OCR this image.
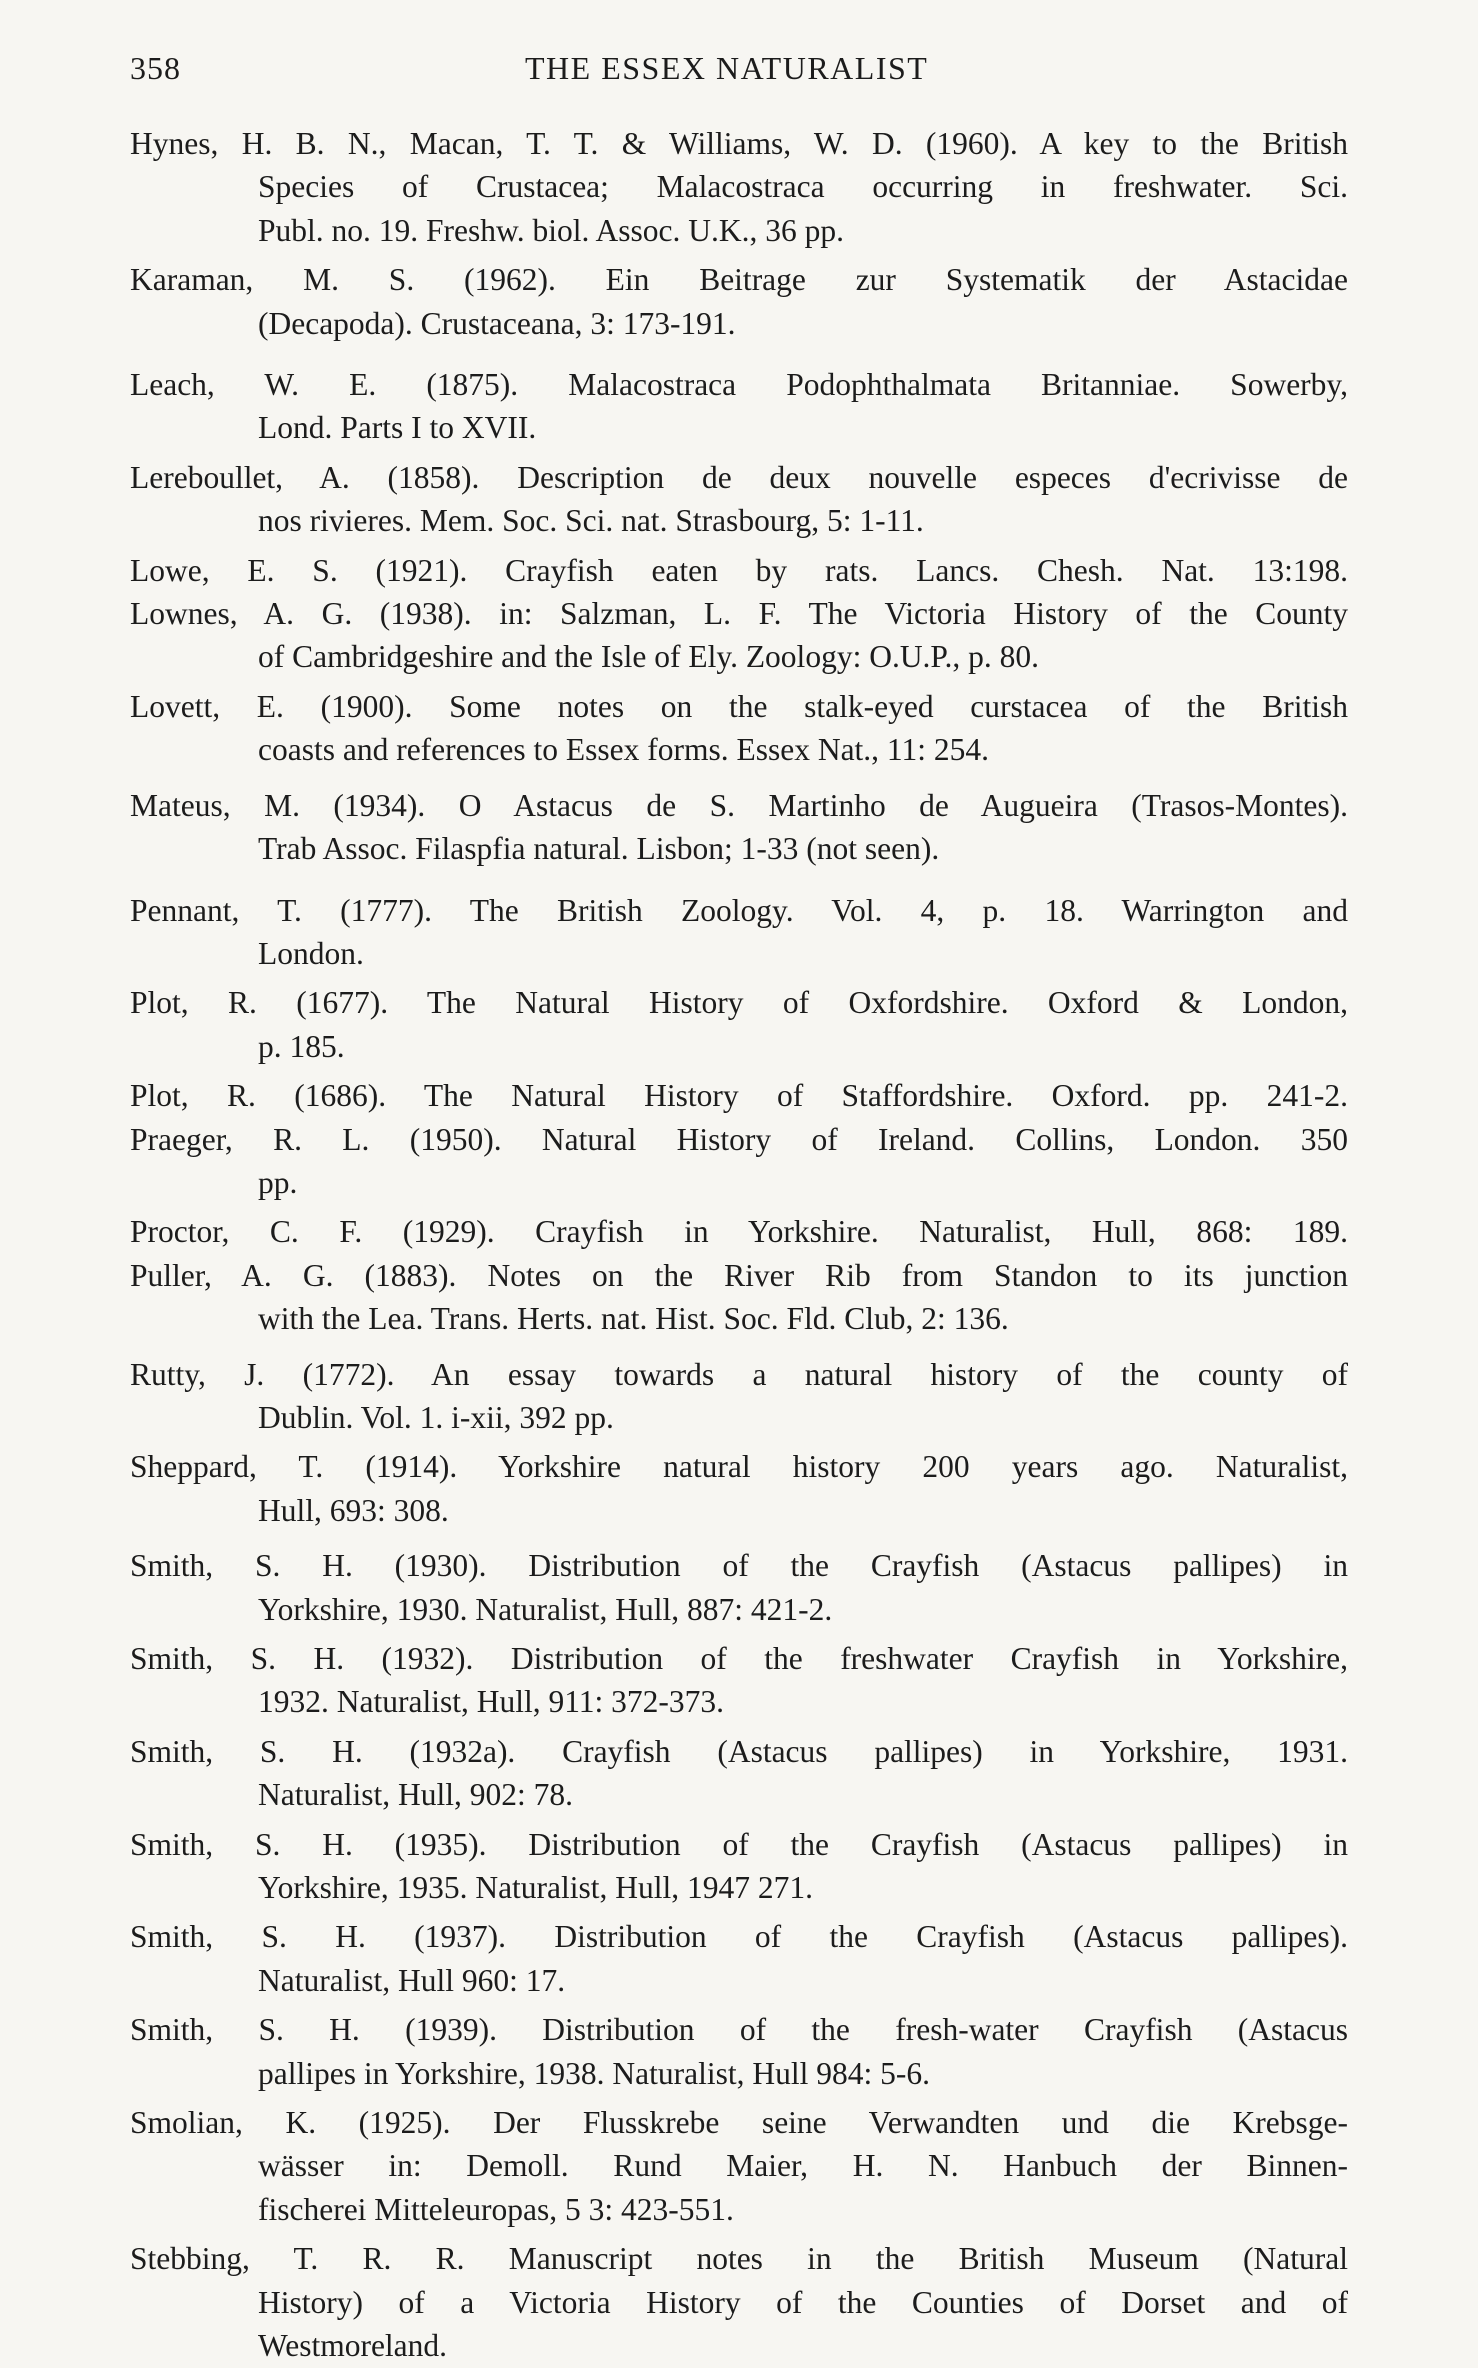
358	THE ESSEX NATURALIST
Hynes, H. B. N., Macan, T. T. & Williams, W. D. (1960). A key to the British
Species of Crustacea; Malacostraca occurring in freshwater. Sci.
Publ. no. 19. Freshw. biol. Assoc. U.K., 36 pp.
Karaman, M. S. (1962). Ein Beitrage zur Systematik der Astacidae
(Decapoda). Crustaceana, 3: 173-191.
Leach, W. E. (1875). Malacostraca Podophthalmata Britanniae. Sowerby,
Lond. Parts I to XVII.
Lereboullet, A. (1858). Description de deux nouvelle especes d'ecrivisse de
nos rivieres. Mem. Soc. Sci. nat. Strasbourg, 5: 1-11.
Lowe, E. S. (1921). Crayfish eaten by rats. Lancs. Chesh. Nat. 13:198.
Lownes, A. G. (1938). in: Salzman, L. F. The Victoria History of the County
of Cambridgeshire and the Isle of Ely. Zoology: O.U.P., p. 80.
Lovett, E. (1900). Some notes on the stalk-eyed curstacea of the British
coasts and references to Essex forms. Essex Nat., 11: 254.
Mateus, M. (1934). O Astacus de S. Martinho de Augueira (Trasos-Montes).
Trab Assoc. Filaspfia natural. Lisbon; 1-33 (not seen).
Pennant, T. (1777). The British Zoology. Vol. 4, p. 18. Warrington and
London.
Plot, R. (1677). The Natural History of Oxfordshire. Oxford & London,
p. 185.
Plot, R. (1686). The Natural History of Staffordshire. Oxford. pp. 241-2.
Praeger, R. L. (1950). Natural History of Ireland. Collins, London. 350
pp.
Proctor, C. F. (1929). Crayfish in Yorkshire. Naturalist, Hull, 868: 189.
Puller, A. G. (1883). Notes on the River Rib from Standon to its junction
with the Lea. Trans. Herts. nat. Hist. Soc. Fld. Club, 2: 136.
Rutty, J. (1772). An essay towards a natural history of the county of
Dublin. Vol. 1. i-xii, 392 pp.
Sheppard, T. (1914). Yorkshire natural history 200 years ago. Naturalist,
Hull, 693: 308.
Smith, S. H. (1930). Distribution of the Crayfish (Astacus pallipes) in
Yorkshire, 1930. Naturalist, Hull, 887: 421-2.
Smith, S. H. (1932). Distribution of the freshwater Crayfish in Yorkshire,
1932. Naturalist, Hull, 911: 372-373.
Smith, S. H. (1932a). Crayfish (Astacus pallipes) in Yorkshire, 1931.
Naturalist, Hull, 902: 78.
Smith, S. H. (1935). Distribution of the Crayfish (Astacus pallipes) in
Yorkshire, 1935. Naturalist, Hull, 1947 271.
Smith, S. H. (1937). Distribution of the Crayfish (Astacus pallipes).
Naturalist, Hull 960: 17.
Smith, S. H. (1939). Distribution of the fresh-water Crayfish (Astacus
pallipes in Yorkshire, 1938. Naturalist, Hull 984: 5-6.
Smolian, K. (1925). Der Flusskrebe seine Verwandten und die Krebsge-
wässer in: Demoll. Rund Maier, H. N. Hanbuch der Binnen-
fischerei Mitteleuropas, 5 3: 423-551.
Stebbing, T. R. R. Manuscript notes in the British Museum (Natural
History) of a Victoria History of the Counties of Dorset and of
Westmoreland.
